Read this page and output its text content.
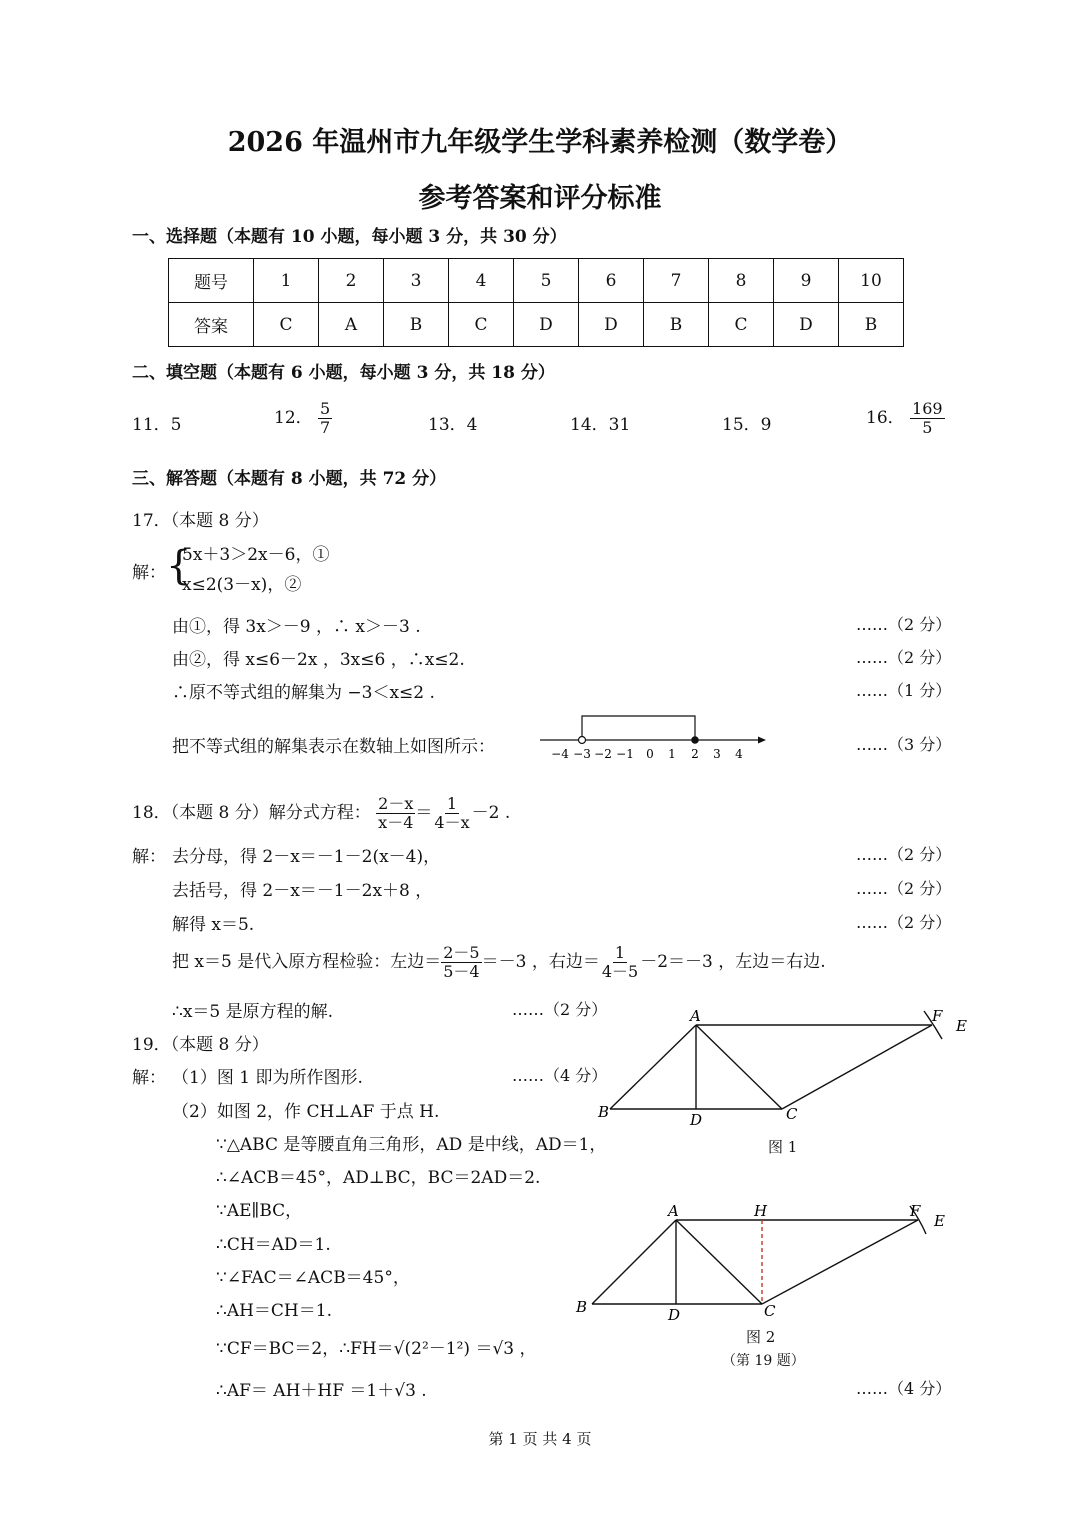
2026 年温州市九年级学生学科素养检测（数学卷）
参考答案和评分标准
一、选择题（本题有 10 小题，每小题 3 分，共 30 分）
题号	1	2	3	4	5	6	7	8	9	10
答案	C	A	B	C	D	D	B	C	D	B
二、填空题（本题有 6 小题，每小题 3 分，共 18 分）
11．5	12． $\frac{5}{7}$	13．4	14．31	15．9	16． $\frac{169}{5}$
三、解答题（本题有 8 小题，共 72 分）
17．（本题 8 分）
解： {
5x＋3＞2x－6，①
x≤2(3－x)，②
由①，得 3x＞－9 ，∴ x＞－3 .	……（2 分）
由②，得 x≤6－2x ，3x≤6 ，∴x≤2.	……（2 分）
∴原不等式组的解集为 −3＜x≤2 .	……（1 分）
把不等式组的解集表示在数轴上如图所示：	……（3 分）
−4 −3 −2 −1 0 1 2 3 4
18．（本题 8 分）解分式方程： $\frac{2-x}{x-4} = \frac{1}{4-x} -2$ .
解： 去分母，得 2－x＝－1－2(x－4)，	……（2 分）
去括号，得 2－x＝－1－2x＋8 ，	……（2 分）
解得 x＝5.	……（2 分）
把 x＝5 是代入原方程检验：左边＝ $\frac{2-5}{5-4} =-3$ ，右边＝ $\frac{1}{4-5} -2=-3$ ，左边＝右边.
∴x＝5 是原方程的解.	……（2 分）
19．（本题 8 分）
解： （1）图 1 即为所作图形.	……（4 分）
（2）如图 2，作 CH⊥AF 于点 H.
∵△ABC 是等腰直角三角形，AD 是中线，AD＝1，
∴∠ACB＝45°，AD⊥BC，BC＝2AD＝2.
∵AE∥BC，
∴CH＝AD＝1.
∵∠FAC＝∠ACB＝45°，
∴AH＝CH＝1.
∵CF＝BC＝2，∴FH＝√(2²－1²) ＝√3 ，
∴AF＝ AH＋HF ＝1＋√3 .	……（4 分）
A
B	D	C
F
E
图 1
A	H
B	D	C
F
E
图 2
（第 19 题）
第 1 页 共 4 页
